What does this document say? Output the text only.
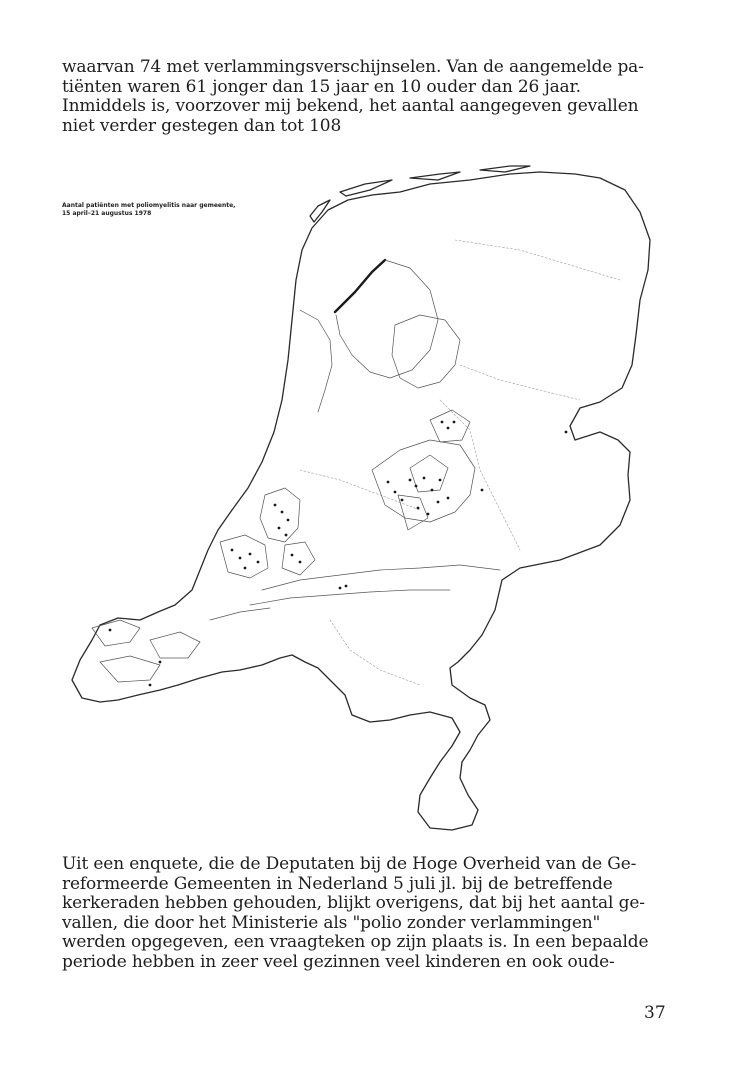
waarvan 74 met verlammingsverschijnselen. Van de aangemelde pa-
tiënten waren 61 jonger dan 15 jaar en 10 ouder dan 26 jaar.
Inmiddels is, voorzover mij bekend, het aantal aangegeven gevallen
niet verder gestegen dan tot 108
Aantal patiënten met poliomyelitis naar gemeente,
15 april–21 augustus 1978
Uit een enquete, die de Deputaten bij de Hoge Overheid van de Ge-
reformeerde Gemeenten in Nederland 5 juli jl. bij de betreffende
kerkeraden hebben gehouden, blijkt overigens, dat bij het aantal ge-
vallen, die door het Ministerie als "polio zonder verlammingen"
werden opgegeven, een vraagteken op zijn plaats is. In een bepaalde
periode hebben in zeer veel gezinnen veel kinderen en ook oude-

37
